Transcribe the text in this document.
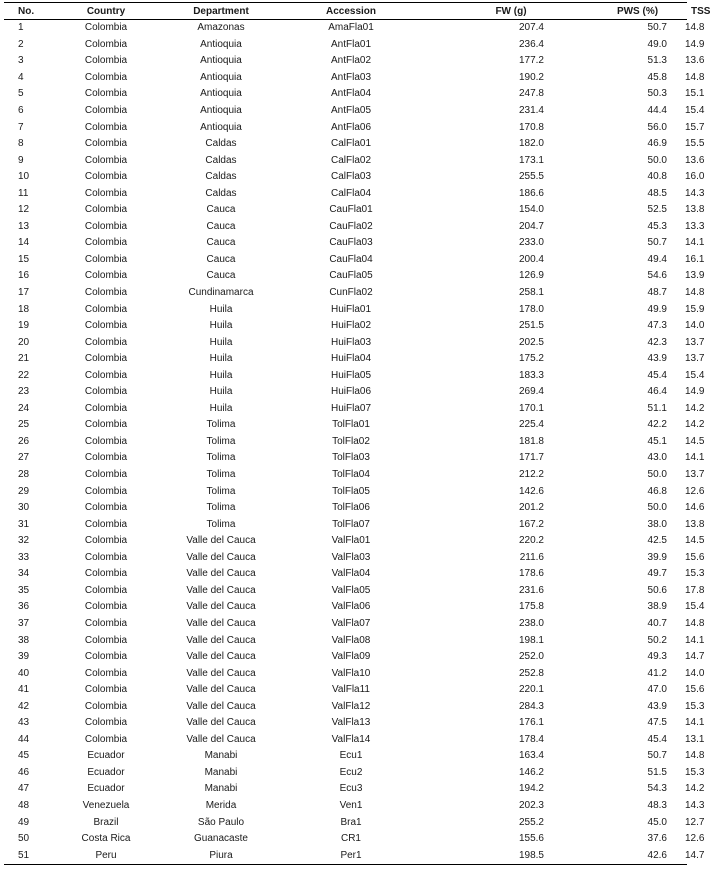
No.	Country	Department	Accession	FW (g)	PWS (%)	TSS
1	Colombia	Amazonas	AmaFla01	207.4	50.7	14.8
2	Colombia	Antioquia	AntFla01	236.4	49.0	14.9
3	Colombia	Antioquia	AntFla02	177.2	51.3	13.6
4	Colombia	Antioquia	AntFla03	190.2	45.8	14.8
5	Colombia	Antioquia	AntFla04	247.8	50.3	15.1
6	Colombia	Antioquia	AntFla05	231.4	44.4	15.4
7	Colombia	Antioquia	AntFla06	170.8	56.0	15.7
8	Colombia	Caldas	CalFla01	182.0	46.9	15.5
9	Colombia	Caldas	CalFla02	173.1	50.0	13.6
10	Colombia	Caldas	CalFla03	255.5	40.8	16.0
11	Colombia	Caldas	CalFla04	186.6	48.5	14.3
12	Colombia	Cauca	CauFla01	154.0	52.5	13.8
13	Colombia	Cauca	CauFla02	204.7	45.3	13.3
14	Colombia	Cauca	CauFla03	233.0	50.7	14.1
15	Colombia	Cauca	CauFla04	200.4	49.4	16.1
16	Colombia	Cauca	CauFla05	126.9	54.6	13.9
17	Colombia	Cundinamarca	CunFla02	258.1	48.7	14.8
18	Colombia	Huila	HuiFla01	178.0	49.9	15.9
19	Colombia	Huila	HuiFla02	251.5	47.3	14.0
20	Colombia	Huila	HuiFla03	202.5	42.3	13.7
21	Colombia	Huila	HuiFla04	175.2	43.9	13.7
22	Colombia	Huila	HuiFla05	183.3	45.4	15.4
23	Colombia	Huila	HuiFla06	269.4	46.4	14.9
24	Colombia	Huila	HuiFla07	170.1	51.1	14.2
25	Colombia	Tolima	TolFla01	225.4	42.2	14.2
26	Colombia	Tolima	TolFla02	181.8	45.1	14.5
27	Colombia	Tolima	TolFla03	171.7	43.0	14.1
28	Colombia	Tolima	TolFla04	212.2	50.0	13.7
29	Colombia	Tolima	TolFla05	142.6	46.8	12.6
30	Colombia	Tolima	TolFla06	201.2	50.0	14.6
31	Colombia	Tolima	TolFla07	167.2	38.0	13.8
32	Colombia	Valle del Cauca	ValFla01	220.2	42.5	14.5
33	Colombia	Valle del Cauca	ValFla03	211.6	39.9	15.6
34	Colombia	Valle del Cauca	ValFla04	178.6	49.7	15.3
35	Colombia	Valle del Cauca	ValFla05	231.6	50.6	17.8
36	Colombia	Valle del Cauca	ValFla06	175.8	38.9	15.4
37	Colombia	Valle del Cauca	ValFla07	238.0	40.7	14.8
38	Colombia	Valle del Cauca	ValFla08	198.1	50.2	14.1
39	Colombia	Valle del Cauca	ValFla09	252.0	49.3	14.7
40	Colombia	Valle del Cauca	ValFla10	252.8	41.2	14.0
41	Colombia	Valle del Cauca	ValFla11	220.1	47.0	15.6
42	Colombia	Valle del Cauca	ValFla12	284.3	43.9	15.3
43	Colombia	Valle del Cauca	ValFla13	176.1	47.5	14.1
44	Colombia	Valle del Cauca	ValFla14	178.4	45.4	13.1
45	Ecuador	Manabi	Ecu1	163.4	50.7	14.8
46	Ecuador	Manabi	Ecu2	146.2	51.5	15.3
47	Ecuador	Manabi	Ecu3	194.2	54.3	14.2
48	Venezuela	Merida	Ven1	202.3	48.3	14.3
49	Brazil	São Paulo	Bra1	255.2	45.0	12.7
50	Costa Rica	Guanacaste	CR1	155.6	37.6	12.6
51	Peru	Piura	Per1	198.5	42.6	14.7
